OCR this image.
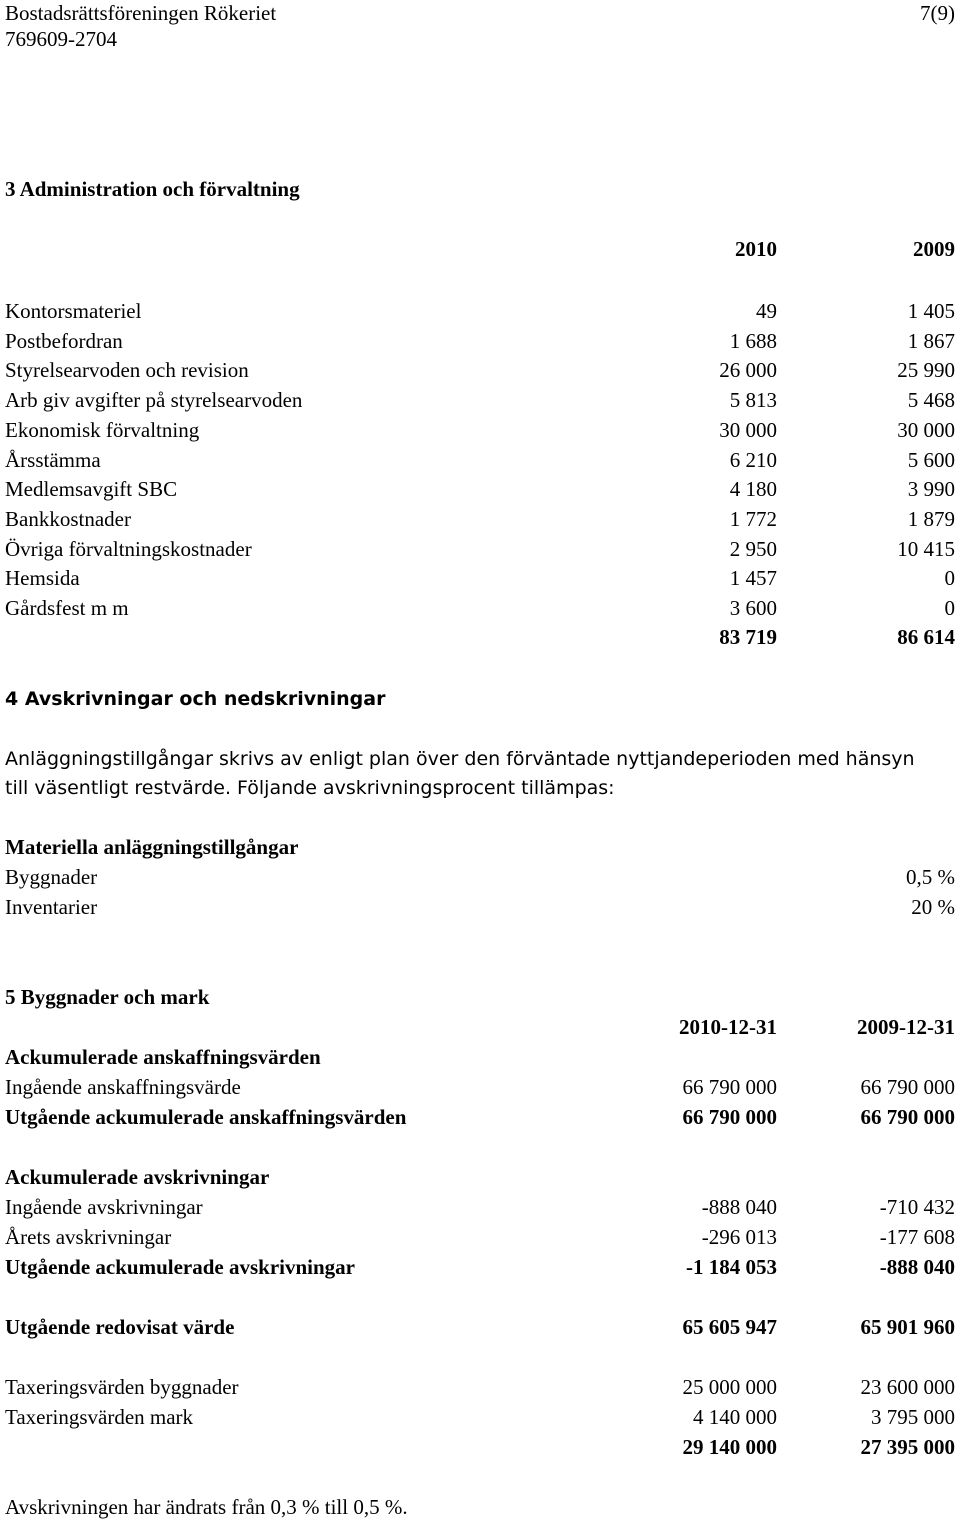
Bostadsrättsföreningen Rökeriet
769609-2704
7(9)
3 Administration och förvaltning
2010	2009
Kontorsmateriel	49	1 405
Postbefordran	1 688	1 867
Styrelsearvoden och revision	26 000	25 990
Arb giv avgifter på styrelsearvoden	5 813	5 468
Ekonomisk förvaltning	30 000	30 000
Årsstämma	6 210	5 600
Medlemsavgift SBC	4 180	3 990
Bankkostnader	1 772	1 879
Övriga förvaltningskostnader	2 950	10 415
Hemsida	1 457	0
Gårdsfest m m	3 600	0
83 719	86 614
4 Avskrivningar och nedskrivningar
Anläggningstillgångar skrivs av enligt plan över den förväntade nyttjandeperioden med hänsyn
till väsentligt restvärde. Följande avskrivningsprocent tillämpas:
Materiella anläggningstillgångar
Byggnader	0,5 %
Inventarier	20 %
5 Byggnader och mark
2010-12-31	2009-12-31
Ackumulerade anskaffningsvärden
Ingående anskaffningsvärde	66 790 000	66 790 000
Utgående ackumulerade anskaffningsvärden	66 790 000	66 790 000
Ackumulerade avskrivningar
Ingående avskrivningar	-888 040	-710 432
Årets avskrivningar	-296 013	-177 608
Utgående ackumulerade avskrivningar	-1 184 053	-888 040
Utgående redovisat värde	65 605 947	65 901 960
Taxeringsvärden byggnader	25 000 000	23 600 000
Taxeringsvärden mark	4 140 000	3 795 000
29 140 000	27 395 000
Avskrivningen har ändrats från 0,3 % till 0,5 %.
